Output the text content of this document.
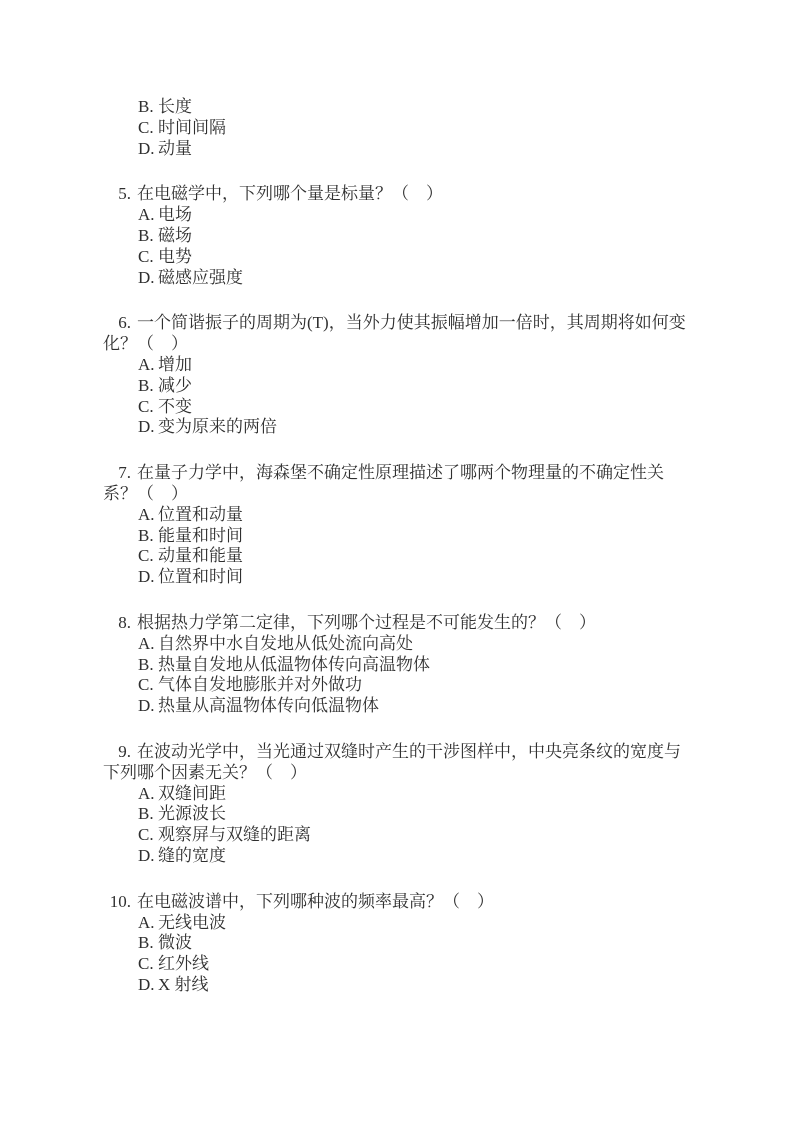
B. 长度

C. 时间间隔

D. 动量

5. 在电磁学中，下列哪个量是标量？（　）

A. 电场

B. 磁场

C. 电势

D. 磁感应强度

6. 一个简谐振子的周期为(T)，当外力使其振幅增加一倍时，其周期将如何变化？（　）

A. 增加

B. 减少

C. 不变

D. 变为原来的两倍

7. 在量子力学中，海森堡不确定性原理描述了哪两个物理量的不确定性关系？（　）

A. 位置和动量

B. 能量和时间

C. 动量和能量

D. 位置和时间

8. 根据热力学第二定律，下列哪个过程是不可能发生的？（　）

A. 自然界中水自发地从低处流向高处

B. 热量自发地从低温物体传向高温物体

C. 气体自发地膨胀并对外做功

D. 热量从高温物体传向低温物体

9. 在波动光学中，当光通过双缝时产生的干涉图样中，中央亮条纹的宽度与下列哪个因素无关？（　）

A. 双缝间距

B. 光源波长

C. 观察屏与双缝的距离

D. 缝的宽度

10. 在电磁波谱中，下列哪种波的频率最高？（　）

A. 无线电波

B. 微波

C. 红外线

D. X 射线
